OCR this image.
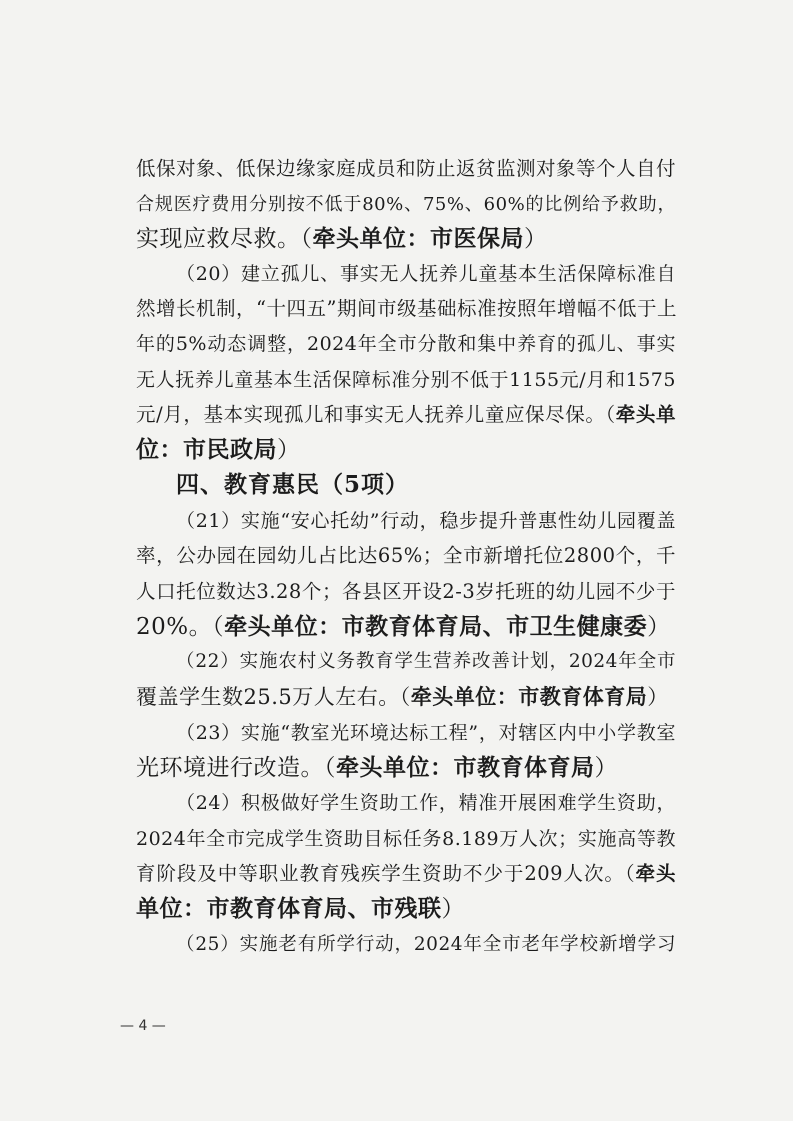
低保对象、低保边缘家庭成员和防止返贫监测对象等个人自付
合规医疗费用分别按不低于80%、75%、60%的比例给予救助，
实现应救尽救。（牵头单位：市医保局）
（20）建立孤儿、事实无人抚养儿童基本生活保障标准自
然增长机制，“十四五”期间市级基础标准按照年增幅不低于上
年的5%动态调整，2024年全市分散和集中养育的孤儿、事实
无人抚养儿童基本生活保障标准分别不低于1155元/月和1575
元/月，基本实现孤儿和事实无人抚养儿童应保尽保。（牵头单
位：市民政局）
四、教育惠民（5项）
（21）实施“安心托幼”行动，稳步提升普惠性幼儿园覆盖
率，公办园在园幼儿占比达65%；全市新增托位2800个，千
人口托位数达3.28个；各县区开设2-3岁托班的幼儿园不少于
20%。（牵头单位：市教育体育局、市卫生健康委）
（22）实施农村义务教育学生营养改善计划，2024年全市
覆盖学生数25.5万人左右。（牵头单位：市教育体育局）
（23）实施“教室光环境达标工程”，对辖区内中小学教室
光环境进行改造。（牵头单位：市教育体育局）
（24）积极做好学生资助工作，精准开展困难学生资助，
2024年全市完成学生资助目标任务8.189万人次；实施高等教
育阶段及中等职业教育残疾学生资助不少于209人次。（牵头
单位：市教育体育局、市残联）
（25）实施老有所学行动，2024年全市老年学校新增学习
— 4 —
